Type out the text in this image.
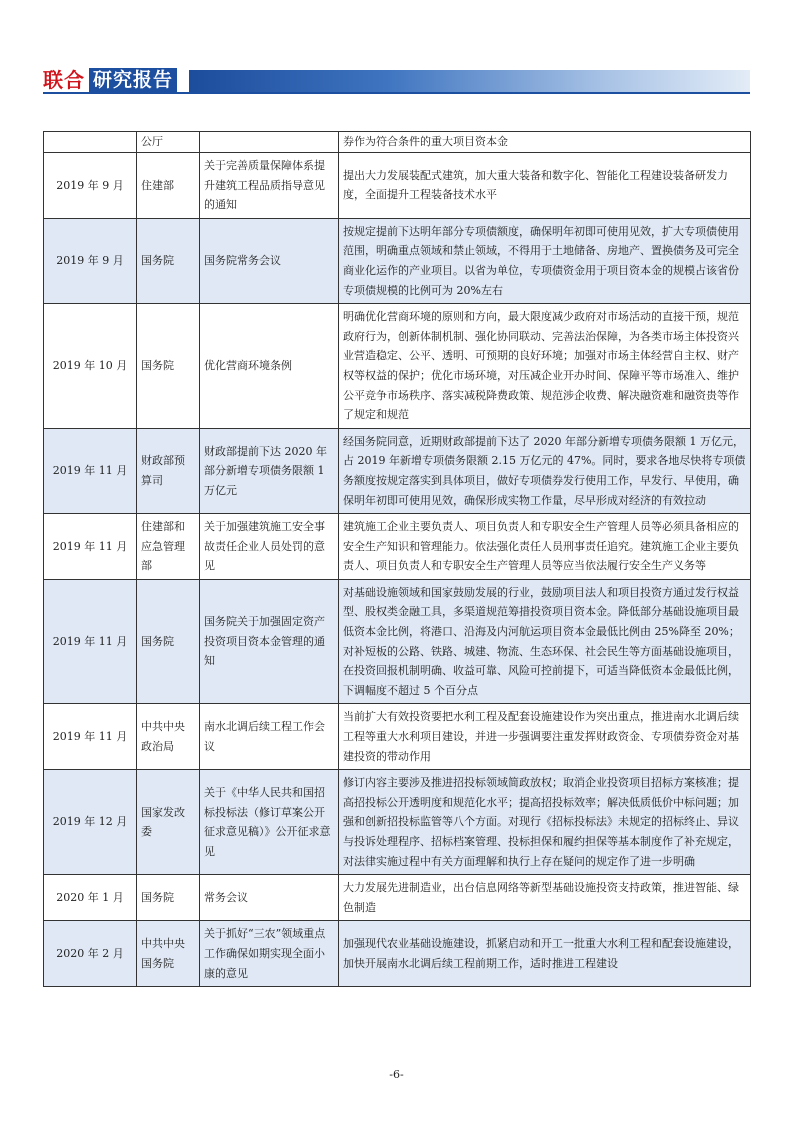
联合 研究报告
	公厅		券作为符合条件的重大项目资本金
2019 年 9 月	住建部	关于完善质量保障体系提升建筑工程品质指导意见的通知	提出大力发展装配式建筑，加大重大装备和数字化、智能化工程建设装备研发力度，全面提升工程装备技术水平
2019 年 9 月	国务院	国务院常务会议	按规定提前下达明年部分专项债额度，确保明年初即可使用见效，扩大专项债使用范围，明确重点领域和禁止领域，不得用于土地储备、房地产、置换债务及可完全商业化运作的产业项目。以省为单位，专项债资金用于项目资本金的规模占该省份专项债规模的比例可为 20%左右
2019 年 10 月	国务院	优化营商环境条例	明确优化营商环境的原则和方向，最大限度减少政府对市场活动的直接干预，规范政府行为，创新体制机制、强化协同联动、完善法治保障，为各类市场主体投资兴业营造稳定、公平、透明、可预期的良好环境；加强对市场主体经营自主权、财产权等权益的保护；优化市场环境，对压减企业开办时间、保障平等市场准入、维护公平竞争市场秩序、落实减税降费政策、规范涉企收费、解决融资难和融资贵等作了规定和规范
2019 年 11 月	财政部预算司	财政部提前下达 2020 年部分新增专项债务限额 1 万亿元	经国务院同意，近期财政部提前下达了 2020 年部分新增专项债务限额 1 万亿元，占 2019 年新增专项债务限额 2.15 万亿元的 47%。同时，要求各地尽快将专项债务额度按规定落实到具体项目，做好专项债券发行使用工作，早发行、早使用，确保明年初即可使用见效，确保形成实物工作量，尽早形成对经济的有效拉动
2019 年 11 月	住建部和应急管理部	关于加强建筑施工安全事故责任企业人员处罚的意见	建筑施工企业主要负责人、项目负责人和专职安全生产管理人员等必须具备相应的安全生产知识和管理能力。依法强化责任人员刑事责任追究。建筑施工企业主要负责人、项目负责人和专职安全生产管理人员等应当依法履行安全生产义务等
2019 年 11 月	国务院	国务院关于加强固定资产投资项目资本金管理的通知	对基础设施领域和国家鼓励发展的行业，鼓励项目法人和项目投资方通过发行权益型、股权类金融工具，多渠道规范筹措投资项目资本金。降低部分基础设施项目最低资本金比例，将港口、沿海及内河航运项目资本金最低比例由 25%降至 20%；对补短板的公路、铁路、城建、物流、生态环保、社会民生等方面基础设施项目，在投资回报机制明确、收益可靠、风险可控前提下，可适当降低资本金最低比例，下调幅度不超过 5 个百分点
2019 年 11 月	中共中央政治局	南水北调后续工程工作会议	当前扩大有效投资要把水利工程及配套设施建设作为突出重点，推进南水北调后续工程等重大水利项目建设，并进一步强调要注重发挥财政资金、专项债券资金对基建投资的带动作用
2019 年 12 月	国家发改委	关于《中华人民共和国招标投标法（修订草案公开征求意见稿）》公开征求意见	修订内容主要涉及推进招投标领域简政放权；取消企业投资项目招标方案核准；提高招投标公开透明度和规范化水平；提高招投标效率；解决低质低价中标问题；加强和创新招投标监管等八个方面。对现行《招标投标法》未规定的招标终止、异议与投诉处理程序、招标档案管理、投标担保和履约担保等基本制度作了补充规定，对法律实施过程中有关方面理解和执行上存在疑问的规定作了进一步明确
2020 年 1 月	国务院	常务会议	大力发展先进制造业，出台信息网络等新型基础设施投资支持政策，推进智能、绿色制造
2020 年 2 月	中共中央国务院	关于抓好“三农”领域重点工作确保如期实现全面小康的意见	加强现代农业基础设施建设，抓紧启动和开工一批重大水利工程和配套设施建设，加快开展南水北调后续工程前期工作，适时推进工程建设
-6-
